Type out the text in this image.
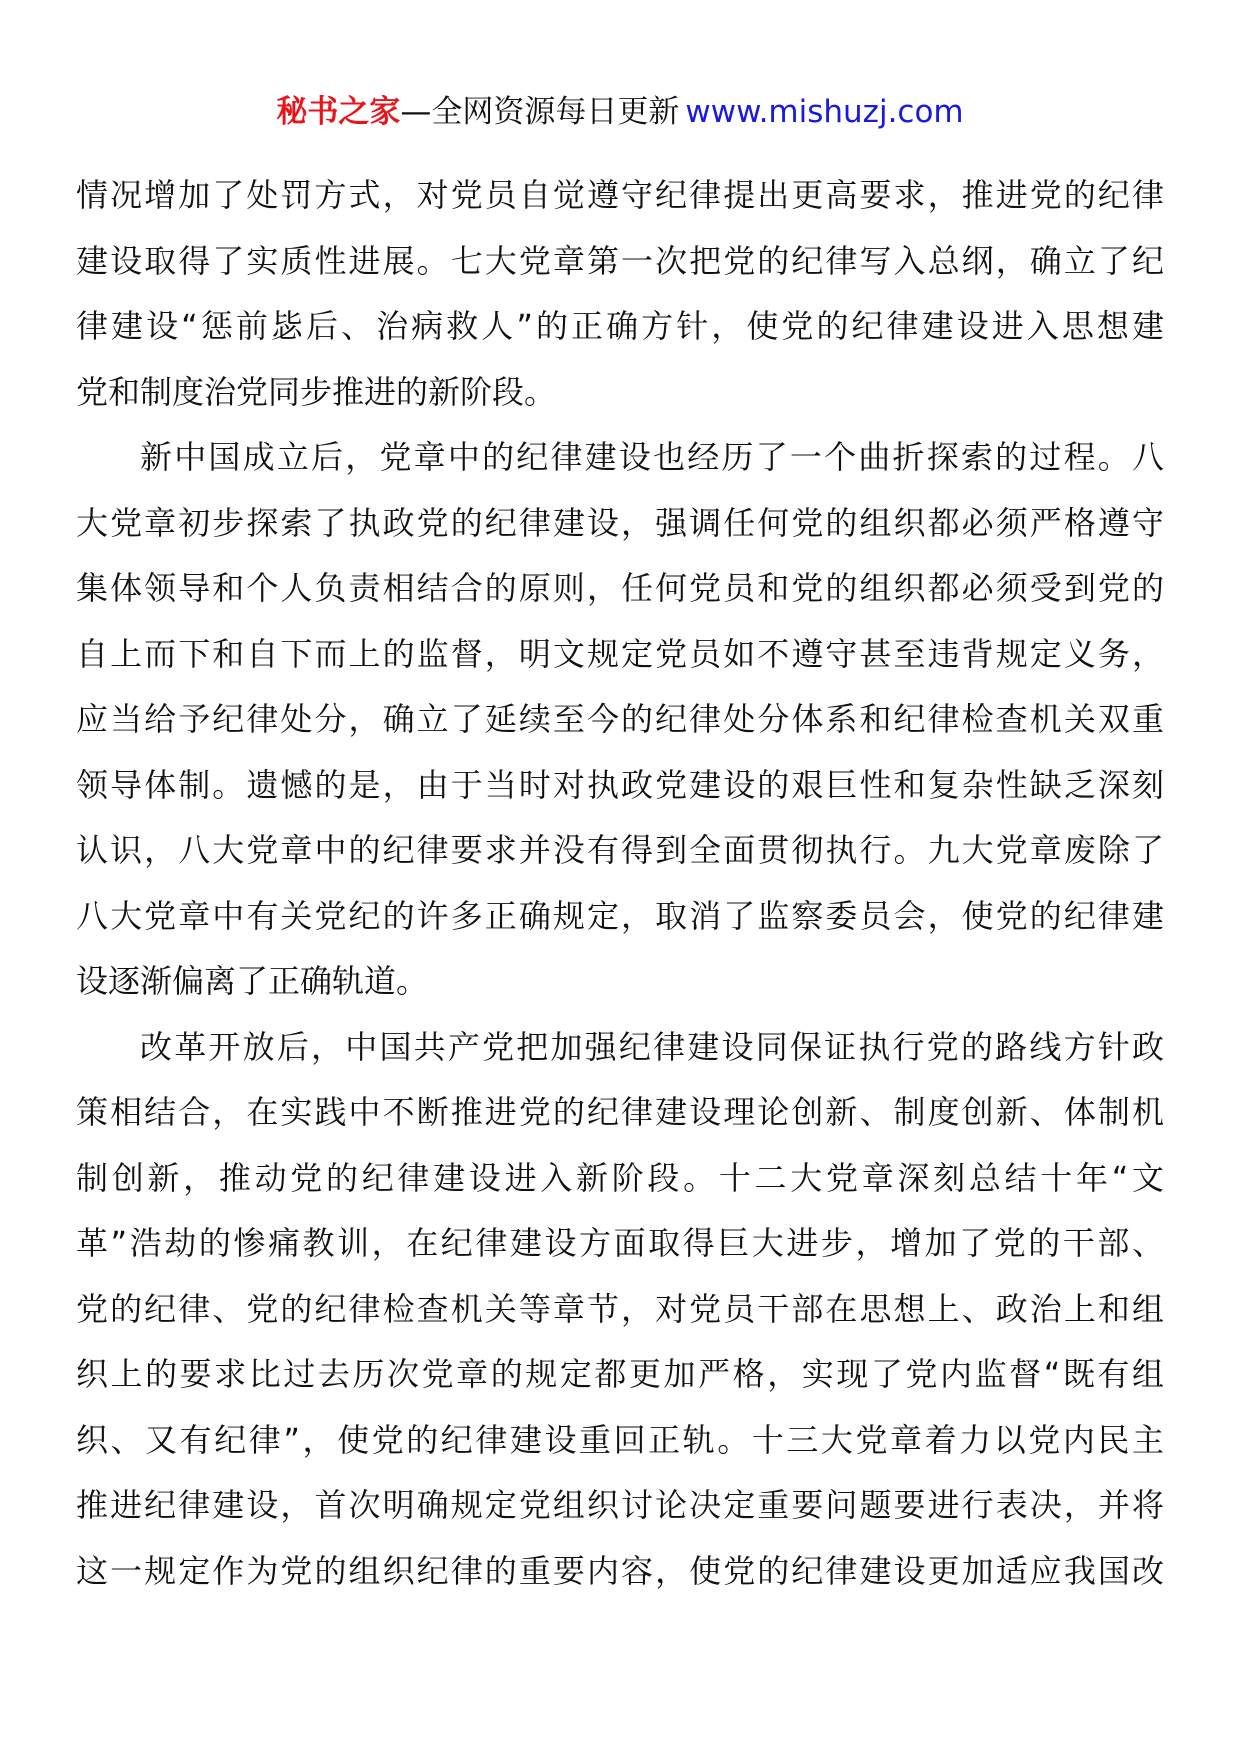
秘书之家—全网资源每日更新 www.mishuzj.com
情况增加了处罚方式，对党员自觉遵守纪律提出更高要求，推进党的纪律
建设取得了实质性进展。七大党章第一次把党的纪律写入总纲，确立了纪
律建设“惩前毖后、治病救人”的正确方针，使党的纪律建设进入思想建
党和制度治党同步推进的新阶段。
新中国成立后，党章中的纪律建设也经历了一个曲折探索的过程。八
大党章初步探索了执政党的纪律建设，强调任何党的组织都必须严格遵守
集体领导和个人负责相结合的原则，任何党员和党的组织都必须受到党的
自上而下和自下而上的监督，明文规定党员如不遵守甚至违背规定义务，
应当给予纪律处分，确立了延续至今的纪律处分体系和纪律检查机关双重
领导体制。遗憾的是，由于当时对执政党建设的艰巨性和复杂性缺乏深刻
认识，八大党章中的纪律要求并没有得到全面贯彻执行。九大党章废除了
八大党章中有关党纪的许多正确规定，取消了监察委员会，使党的纪律建
设逐渐偏离了正确轨道。
改革开放后，中国共产党把加强纪律建设同保证执行党的路线方针政
策相结合，在实践中不断推进党的纪律建设理论创新、制度创新、体制机
制创新，推动党的纪律建设进入新阶段。十二大党章深刻总结十年“文
革”浩劫的惨痛教训，在纪律建设方面取得巨大进步，增加了党的干部、
党的纪律、党的纪律检查机关等章节，对党员干部在思想上、政治上和组
织上的要求比过去历次党章的规定都更加严格，实现了党内监督“既有组
织、又有纪律”，使党的纪律建设重回正轨。十三大党章着力以党内民主
推进纪律建设，首次明确规定党组织讨论决定重要问题要进行表决，并将
这一规定作为党的组织纪律的重要内容，使党的纪律建设更加适应我国改
